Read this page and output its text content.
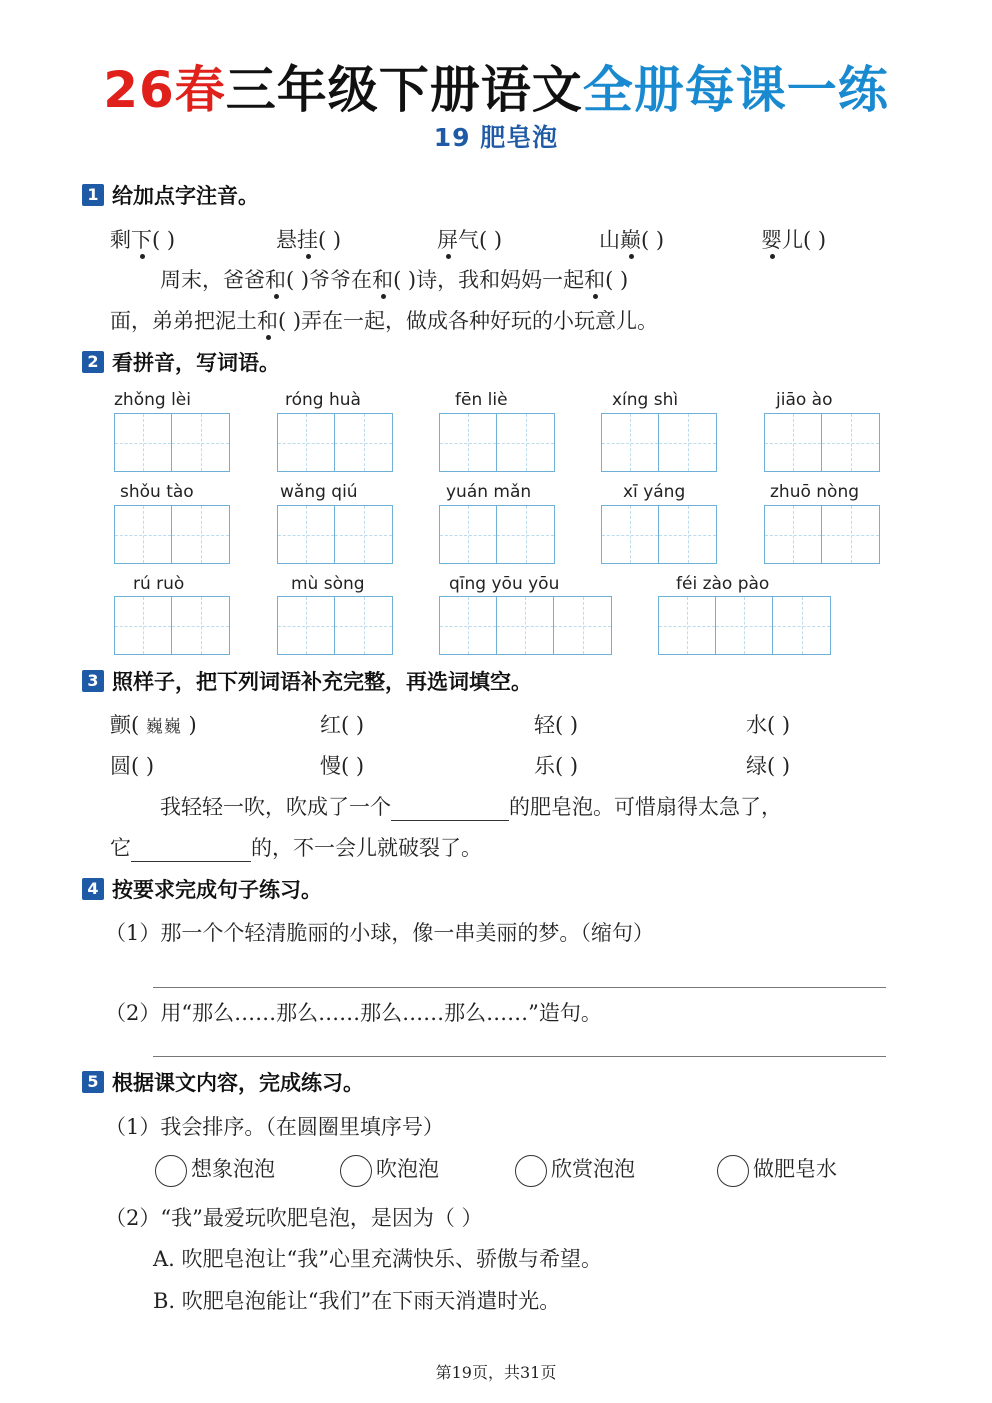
26春三年级下册语文全册每课一练
19 肥皂泡
1 给加点字注音。
剩下( )	悬挂( )	屏气( )	山巅( )	婴儿( )
周末，爸爸和( )爷爷在和( )诗，我和妈妈一起和( )
面，弟弟把泥土和( )弄在一起，做成各种好玩的小玩意儿。
2 看拼音，写词语。
zhǒng lèi	róng huà	fēn liè	xíng shì	jiāo ào
shǒu tào	wǎng qiú	yuán mǎn	xī yáng	zhuō nòng
rú ruò	mù sòng	qīng yōu yōu	féi zào pào
3 照样子，把下列词语补充完整，再选词填空。
颤( 巍巍 )	红( )	轻( )	水( )
圆( )	慢( )	乐( )	绿( )
我轻轻一吹，吹成了一个	的肥皂泡。可惜扇得太急了，
它	的，不一会儿就破裂了。
4 按要求完成句子练习。
（1）那一个个轻清脆丽的小球，像一串美丽的梦。（缩句）
（2）用“那么……那么……那么……那么……”造句。
5 根据课文内容，完成练习。
（1）我会排序。（在圆圈里填序号）
想象泡泡	吹泡泡	欣赏泡泡	做肥皂水
（2）“我”最爱玩吹肥皂泡，是因为（ ）
A. 吹肥皂泡让“我”心里充满快乐、骄傲与希望。
B. 吹肥皂泡能让“我们”在下雨天消遣时光。
第19页，共31页
